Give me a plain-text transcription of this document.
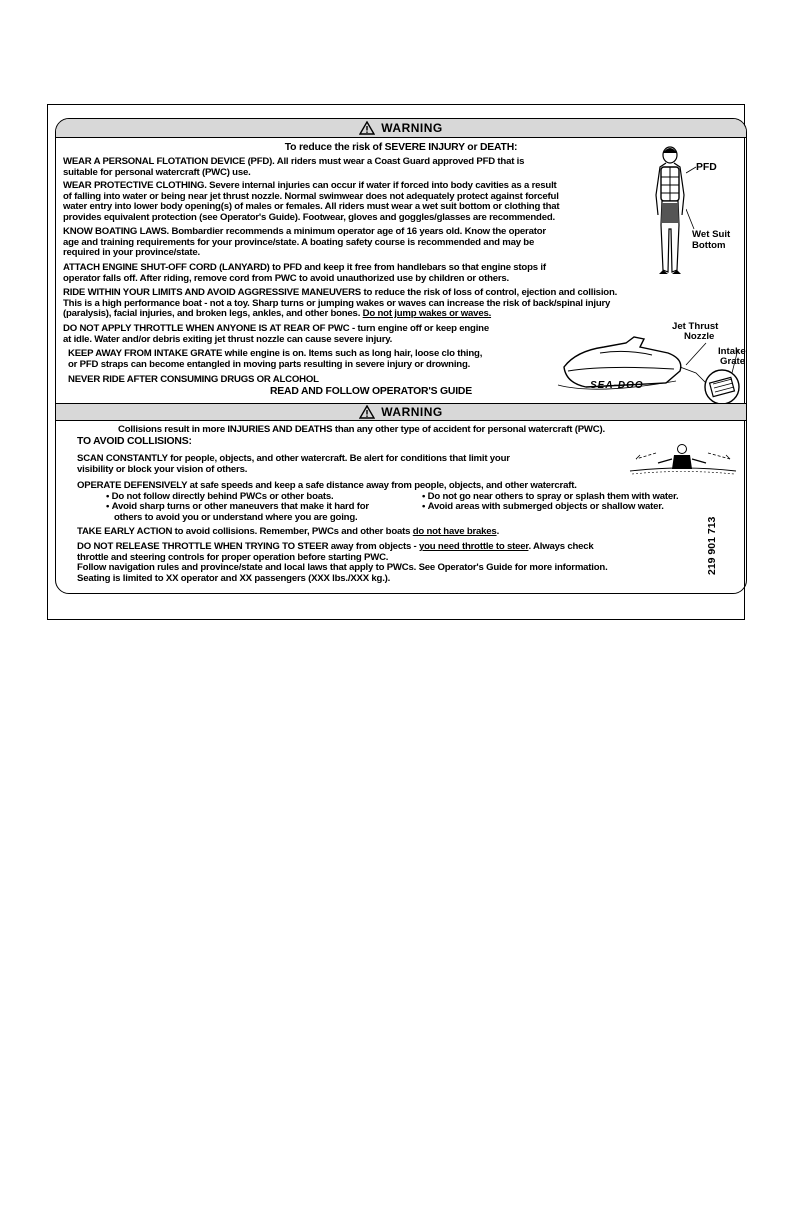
WARNING
To reduce the risk of SEVERE INJURY or DEATH:
WEAR A PERSONAL FLOTATION DEVICE (PFD). All riders must wear a Coast Guard approved PFD that is
suitable for personal watercraft (PWC) use.
WEAR PROTECTIVE CLOTHING. Severe internal injuries can occur if water if forced into body cavities as a result
of falling into water or being near jet thrust nozzle. Normal swimwear does not adequately protect against forceful
water entry into lower body opening(s) of males or females. All riders must wear a wet suit bottom or clothing that
provides equivalent protection (see Operator's Guide). Footwear, gloves and goggles/glasses are recommended.
KNOW BOATING LAWS. Bombardier recommends a minimum operator age of 16 years old. Know the operator
age and training requirements for your province/state. A boating safety course is recommended and may be
required in your province/state.
ATTACH ENGINE SHUT-OFF CORD (LANYARD) to PFD and keep it free from handlebars so that engine stops if
operator falls off. After riding, remove cord from PWC to avoid unauthorized use by children or others.
RIDE WITHIN YOUR LIMITS AND AVOID AGGRESSIVE MANEUVERS to reduce the risk of loss of control, ejection and collision.
This is a high performance boat - not a toy. Sharp turns or jumping wakes or waves can increase the risk of back/spinal injury
(paralysis), facial injuries, and broken legs, ankles, and other bones. Do not jump wakes or waves.
DO NOT APPLY THROTTLE WHEN ANYONE IS AT REAR OF PWC - turn engine off or keep engine
at idle. Water and/or debris exiting jet thrust nozzle can cause severe injury.
KEEP AWAY FROM INTAKE GRATE while engine is on. Items such as long hair, loose clo thing,
or PFD straps can become entangled in moving parts resulting in severe injury or drowning.
NEVER RIDE AFTER CONSUMING DRUGS OR ALCOHOL
READ AND FOLLOW OPERATOR'S GUIDE
PFD
Wet Suit
Bottom
Jet Thrust
Nozzle
Intake
Grate
SEA-DOO
WARNING
Collisions result in more INJURIES AND DEATHS than any other type of accident for personal watercraft (PWC).
TO AVOID COLLISIONS:
SCAN CONSTANTLY for people, objects, and other watercraft. Be alert for conditions that limit your
visibility or block your vision of others.
OPERATE DEFENSIVELY at safe speeds and keep a safe distance away from people, objects, and other watercraft.
• Do not follow directly behind PWCs or other boats.
• Avoid sharp turns or other maneuvers that make it hard for
others to avoid you or understand where you are going.
• Do not go near others to spray or splash them with water.
• Avoid areas with submerged objects or shallow water.
TAKE EARLY ACTION to avoid collisions. Remember, PWCs and other boats do not have brakes.
DO NOT RELEASE THROTTLE WHEN TRYING TO STEER away from objects - you need throttle to steer. Always check
throttle and steering controls for proper operation before starting PWC.
Follow navigation rules and province/state and local laws that apply to PWCs. See Operator's Guide for more information.
Seating is limited to XX operator and XX passengers (XXX lbs./XXX kg.).
219 901 713
